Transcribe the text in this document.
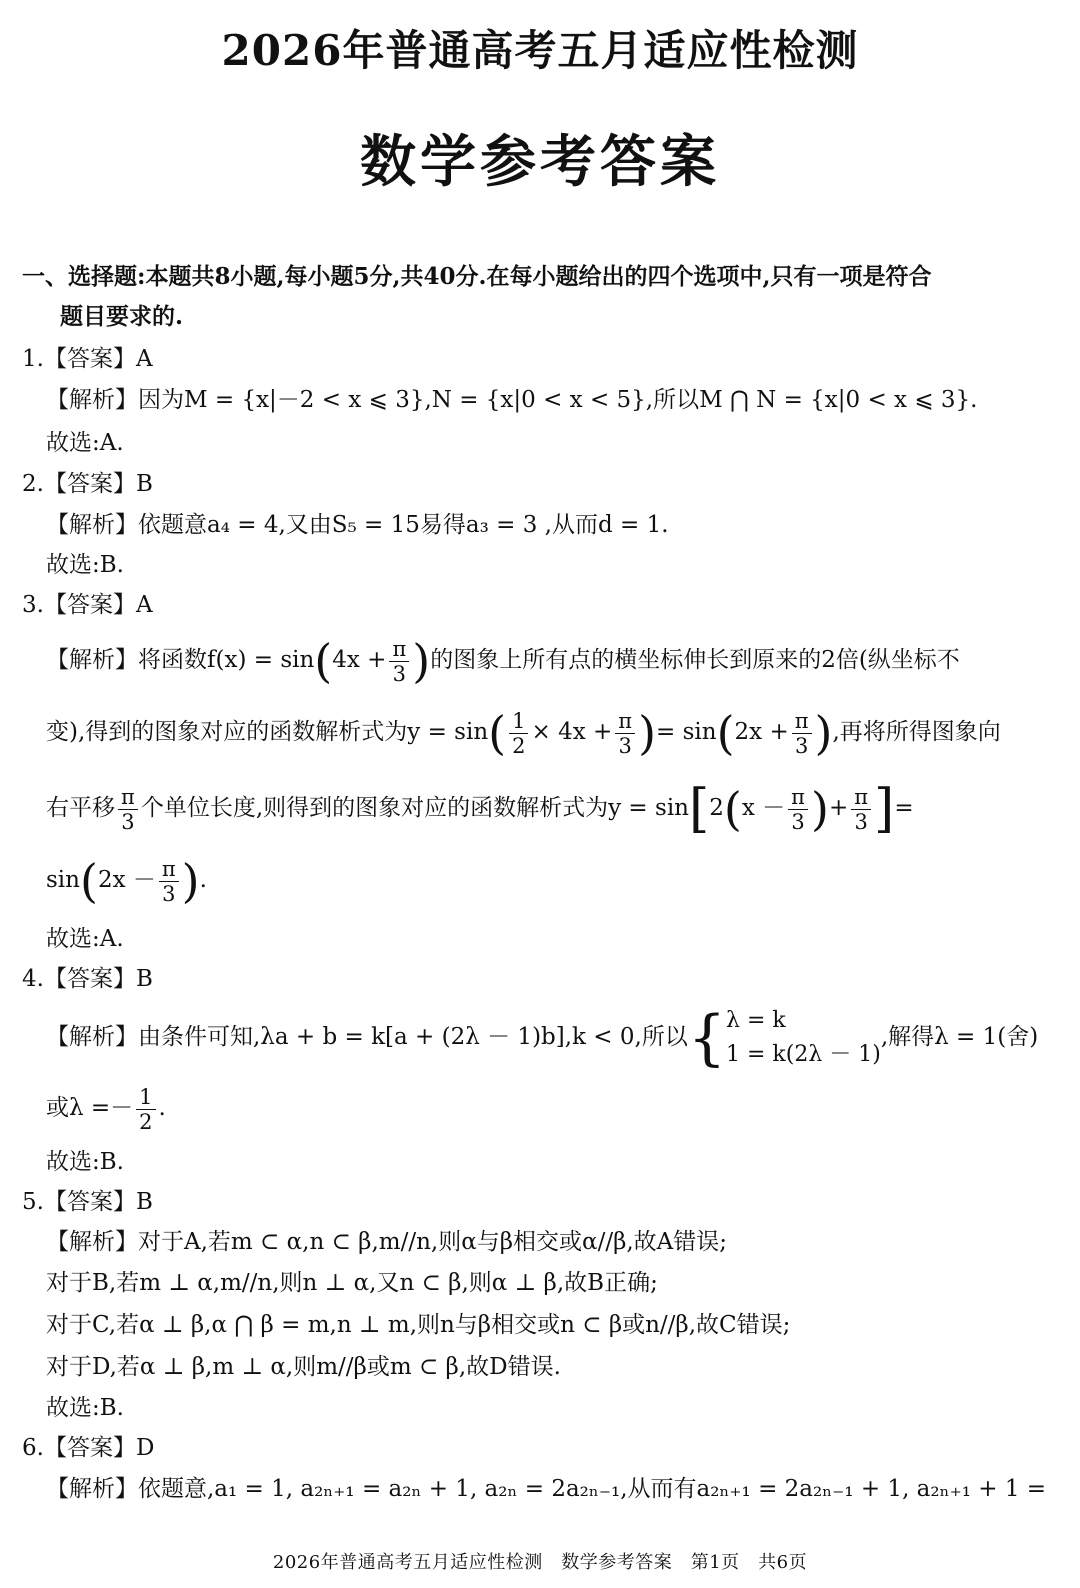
2026年普通高考五月适应性检测
数学参考答案
一、选择题:本题共8小题,每小题5分,共40分.在每小题给出的四个选项中,只有一项是符合
题目要求的.
1.【答案】A
【解析】因为M = {x|－2 < x ⩽ 3},N = {x|0 < x < 5},所以M ⋂ N = {x|0 < x ⩽ 3}.
故选:A.
2.【答案】B
【解析】依题意a₄ = 4,又由S₅ = 15易得a₃ = 3 ,从而d = 1.
故选:B.
3.【答案】A
【解析】将函数$f(x) = \sin(4x + \frac{\pi}{3}$ )的图象上所有点的横坐标伸长到原来的2倍(纵坐标不
变),得到的图象对应的函数解析式为$y = \sin( \frac{1}{2} \times 4x + \frac{\pi}{3}$ )= $\sin(2x + \frac{\pi}{3}$ ),再将所得图象向
右平移 $\frac{\pi}{3}$ 个单位长度,则得到的图象对应的函数解析式为$y = \sin[2(x - \frac{\pi}{3}$ )+ $\frac{\pi}{3}$ ]=
$\sin(2x - \frac{\pi}{3}$ ).
故选:A.
4.【答案】B
【解析】由条件可知,λa + b = k[a + (2λ － 1)b],k < 0,所以{ λ = k
1 = k(2λ － 1)
,解得λ = 1(舍)
或$\lambda =- \frac{1}{2}$ .
故选:B.
5.【答案】B
【解析】对于A,若m ⊂ α,n ⊂ β,m//n,则α与β相交或α//β,故A错误;
对于B,若m ⊥ α,m//n,则n ⊥ α,又n ⊂ β,则α ⊥ β,故B正确;
对于C,若α ⊥ β,α ⋂ β = m,n ⊥ m,则n与β相交或n ⊂ β或n//β,故C错误;
对于D,若α ⊥ β,m ⊥ α,则m//β或m ⊂ β,故D错误.
故选:B.
6.【答案】D
【解析】依题意,a₁ = 1, a₂ₙ₊₁ = a₂ₙ + 1, a₂ₙ = 2a₂ₙ₋₁,从而有a₂ₙ₊₁ = 2a₂ₙ₋₁ + 1, a₂ₙ₊₁ + 1 =
2026年普通高考五月适应性检测　数学参考答案　第1页　共6页
